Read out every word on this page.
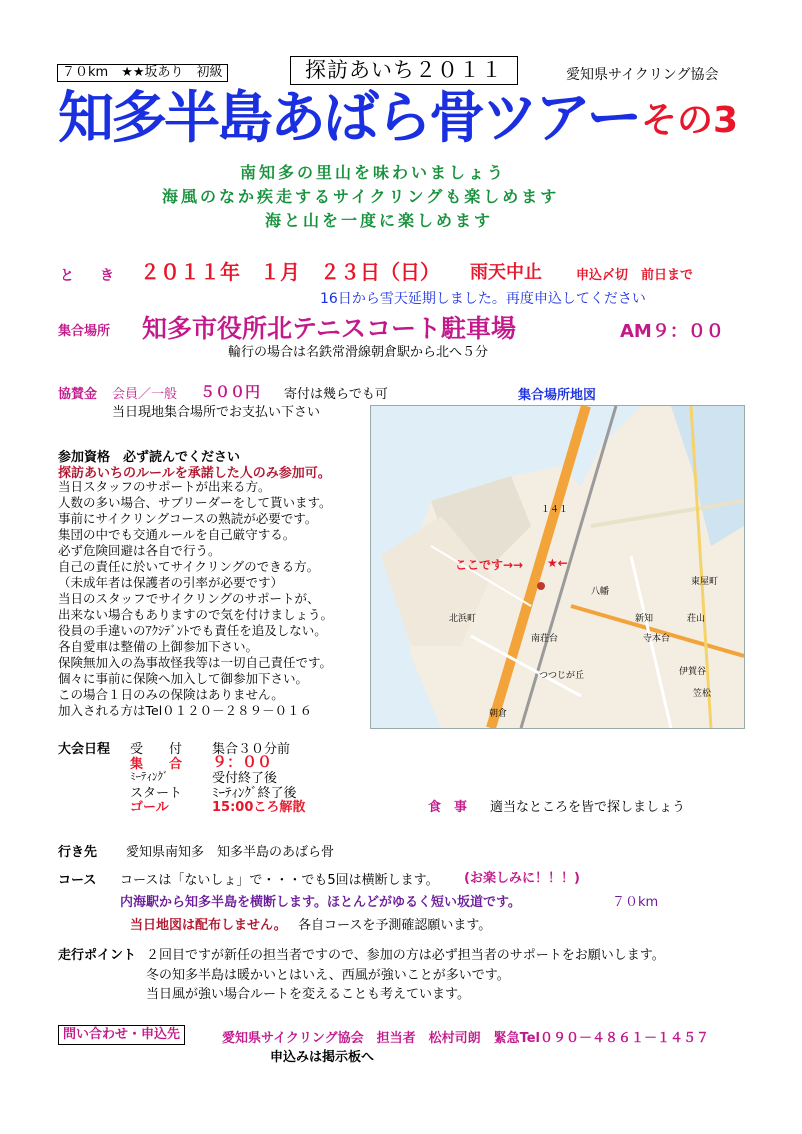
７０km　★★坂あり　初級	探訪あいち２０１１	愛知県サイクリング協会
知多半島あばら骨ツアー その3
南知多の里山を味わいましょう
海風のなか疾走するサイクリングも楽しめます
海と山を一度に楽しめます
と　き ２０１１年　１月　２３日（日） 雨天中止	申込〆切　前日まで
16日から雪天延期しました。再度申込してください
集合場所 知多市役所北テニスコート駐車場	AM９：００
輪行の場合は名鉄常滑線朝倉駅から北へ５分
協賛金 会員／一般 ５００円 寄付は幾らでも可
当日現地集合場所でお支払い下さい
集合場所地図
ここです→→ ★←
八幡
北浜町
寺本台
つつじが丘
笠松
伊賀谷
新知	荘山
東屋町
１４１
南荘台
朝倉
参加資格　必ず読んでください
探訪あいちのルールを承諾した人のみ参加可。

当日スタッフのサポートが出来る方。

人数の多い場合、サブリーダーをして貰います。

事前にサイクリングコースの熟読が必要です。

集団の中でも交通ルールを自己厳守する。

必ず危険回避は各自で行う。

自己の責任に於いてサイクリングのできる方。

（未成年者は保護者の引率が必要です）

当日のスタッフでサイクリングのサポートが、

出来ない場合もありますので気を付けましょう。

役員の手違いのｱｸｼﾃﾞﾝﾄでも責任を追及しない。

各自愛車は整備の上御参加下さい。

保険無加入の為事故怪我等は一切自己責任です。

個々に事前に保険へ加入して御参加下さい。

この場合１日のみの保険はありません。

加入される方はTel０１２０－２８９－０１６

大会日程 受　　付 集合３０分前
集　　合 ９：００
ﾐｰﾃｨﾝｸﾞ	受付終了後
スタート ﾐｰﾃｨﾝｸﾞ終了後
ゴール	15:00ころ解散	食　事 適当なところを皆で探しましょう
行き先 愛知県南知多　知多半島のあばら骨
コース コースは「ないしょ」で・・・でも5回は横断します。 (お楽しみに！！！)
内海駅から知多半島を横断します。ほとんどがゆるく短い坂道です。	７０km
当日地図は配布しません。 各自コースを予測確認願います。
走行ポイント ２回目ですが新任の担当者ですので、参加の方は必ず担当者のサポートをお願いします。
冬の知多半島は暖かいとはいえ、西風が強いことが多いです。
当日風が強い場合ルートを変えることも考えています。
問い合わせ・申込先	愛知県サイクリング協会　担当者　松村司朗　緊急Tel０９０－４８６１－１４５７
申込みは掲示板へ
